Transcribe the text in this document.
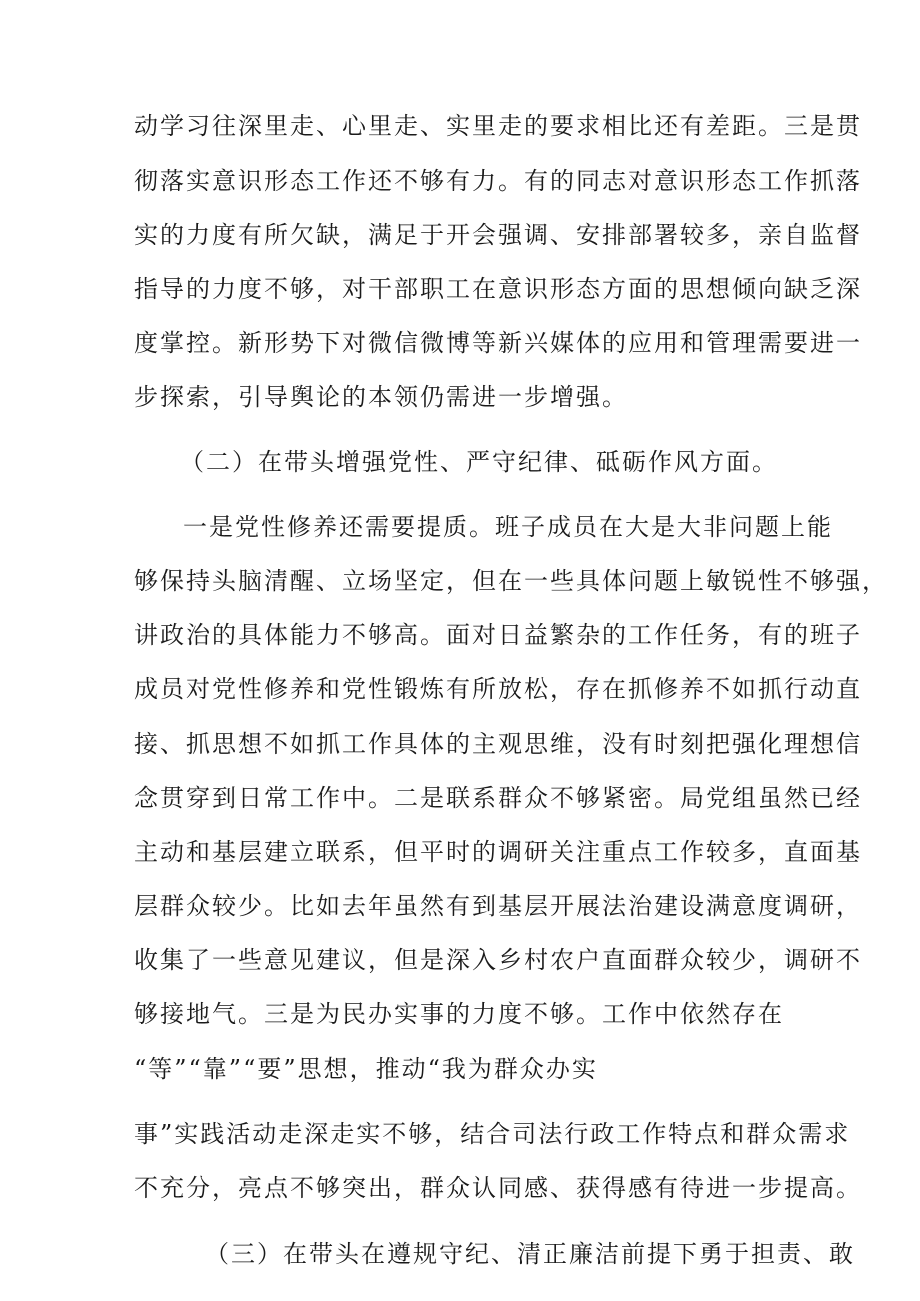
动学习往深里走、心里走、实里走的要求相比还有差距。三是贯
彻落实意识形态工作还不够有力。有的同志对意识形态工作抓落
实的力度有所欠缺，满足于开会强调、安排部署较多，亲自监督
指导的力度不够，对干部职工在意识形态方面的思想倾向缺乏深
度掌控。新形势下对微信微博等新兴媒体的应用和管理需要进一
步探索，引导舆论的本领仍需进一步增强。
（二）在带头增强党性、严守纪律、砥砺作风方面。
一是党性修养还需要提质。班子成员在大是大非问题上能
够保持头脑清醒、立场坚定，但在一些具体问题上敏锐性不够强，
讲政治的具体能力不够高。面对日益繁杂的工作任务，有的班子
成员对党性修养和党性锻炼有所放松，存在抓修养不如抓行动直
接、抓思想不如抓工作具体的主观思维，没有时刻把强化理想信
念贯穿到日常工作中。二是联系群众不够紧密。局党组虽然已经
主动和基层建立联系，但平时的调研关注重点工作较多，直面基
层群众较少。比如去年虽然有到基层开展法治建设满意度调研，
收集了一些意见建议，但是深入乡村农户直面群众较少，调研不
够接地气。三是为民办实事的力度不够。工作中依然存在
“等”“靠”“要”思想，推动“我为群众办实
事”实践活动走深走实不够，结合司法行政工作特点和群众需求
不充分，亮点不够突出，群众认同感、获得感有待进一步提高。
（三）在带头在遵规守纪、清正廉洁前提下勇于担责、敢
